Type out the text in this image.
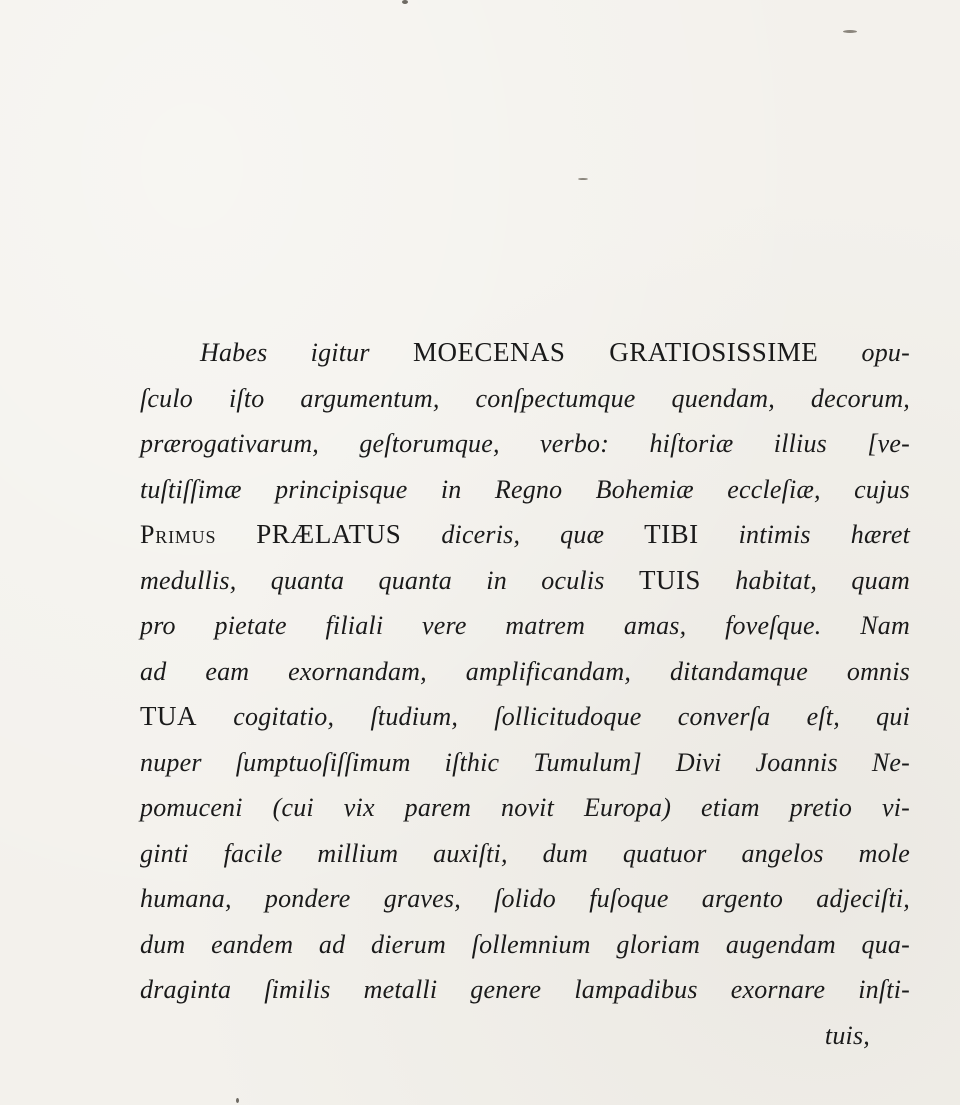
Habes igitur MOECENAS GRATIOSISSIME opu-
ſculo iſto argumentum, conſpectumque quendam, decorum,
prærogativarum, geſtorumque, verbo: hiſtoriæ illius [ve-
tuſtiſſimæ principisque in Regno Bohemiæ eccleſiæ, cujus
Primus PRÆLATUS diceris, quæ TIBI intimis hæret
medullis, quanta quanta in oculis TUIS habitat, quam
pro pietate filiali vere matrem amas, foveſque. Nam
ad eam exornandam, amplificandam, ditandamque omnis
TUA cogitatio, ſtudium, ſollicitudoque converſa eſt, qui
nuper ſumptuoſiſſimum iſthic Tumulum] Divi Joannis Ne-
pomuceni (cui vix parem novit Europa) etiam pretio vi-
ginti facile millium auxiſti, dum quatuor angelos mole
humana, pondere graves, ſolido fuſoque argento adjeciſti,
dum eandem ad dierum ſollemnium gloriam augendam qua-
draginta ſimilis metalli genere lampadibus exornare inſti-
tuis,
